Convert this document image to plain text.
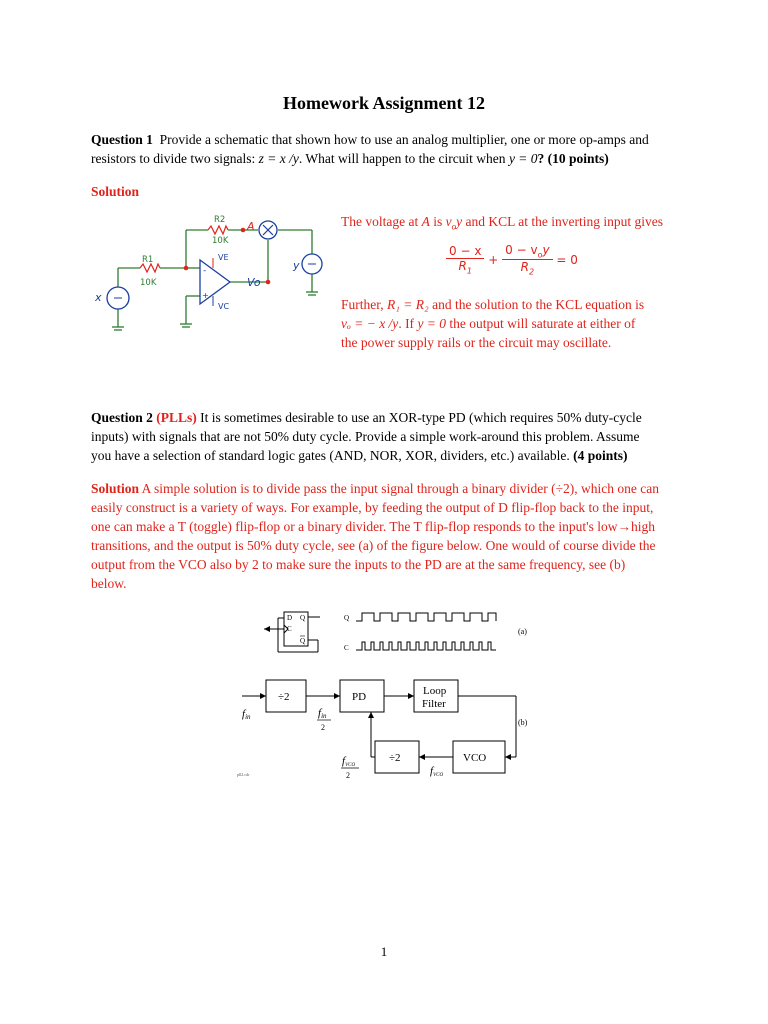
Homework Assignment 12
Question 1 Provide a schematic that shown how to use an analog multiplier, one or more op-amps and
resistors to divide two signals: z = x /y. What will happen to the circuit when y = 0? (10 points)
Solution
R2
10K
R1
10K
A
VE
VC
Vo
x
y
-
+
The voltage at A is $v_oy$ and KCL at the inverting input gives
$\frac{0 - x}{R_1} + \frac{0 - v_oy}{R_2} = 0$
Further, R₁ = R₂ and the solution to the KCL equation is
vₒ = − x /y. If y = 0 the output will saturate at either of
the power supply rails or the circuit may oscillate.
Question 2 (PLLs) It is sometimes desirable to use an XOR-type PD (which requires 50% duty-cycle
inputs) with signals that are not 50% duty cycle. Provide a simple work-around this problem. Assume
you have a selection of standard logic gates (AND, NOR, XOR, dividers, etc.) available. (4 points)
Solution A simple solution is to divide pass the input signal through a binary divider (÷2), which one can
easily construct is a variety of ways. For example, by feeding the output of D flip-flop back to the input,
one can make a T (toggle) flip-flop or a binary divider. The T flip-flop responds to the input's low→high
transitions, and the output is 50% duty cycle, see (a) of the figure below. One would of course divide the
output from the VCO also by 2 to make sure the inputs to the PD are at the same frequency, see (b)
below.
D Q
C
Q
Q
C
(a)
(b)
÷2	PD	Loop
Filter
÷2	VCO
fin	fin
2
fVCO
2	fVCO
pll2.cdr
1
